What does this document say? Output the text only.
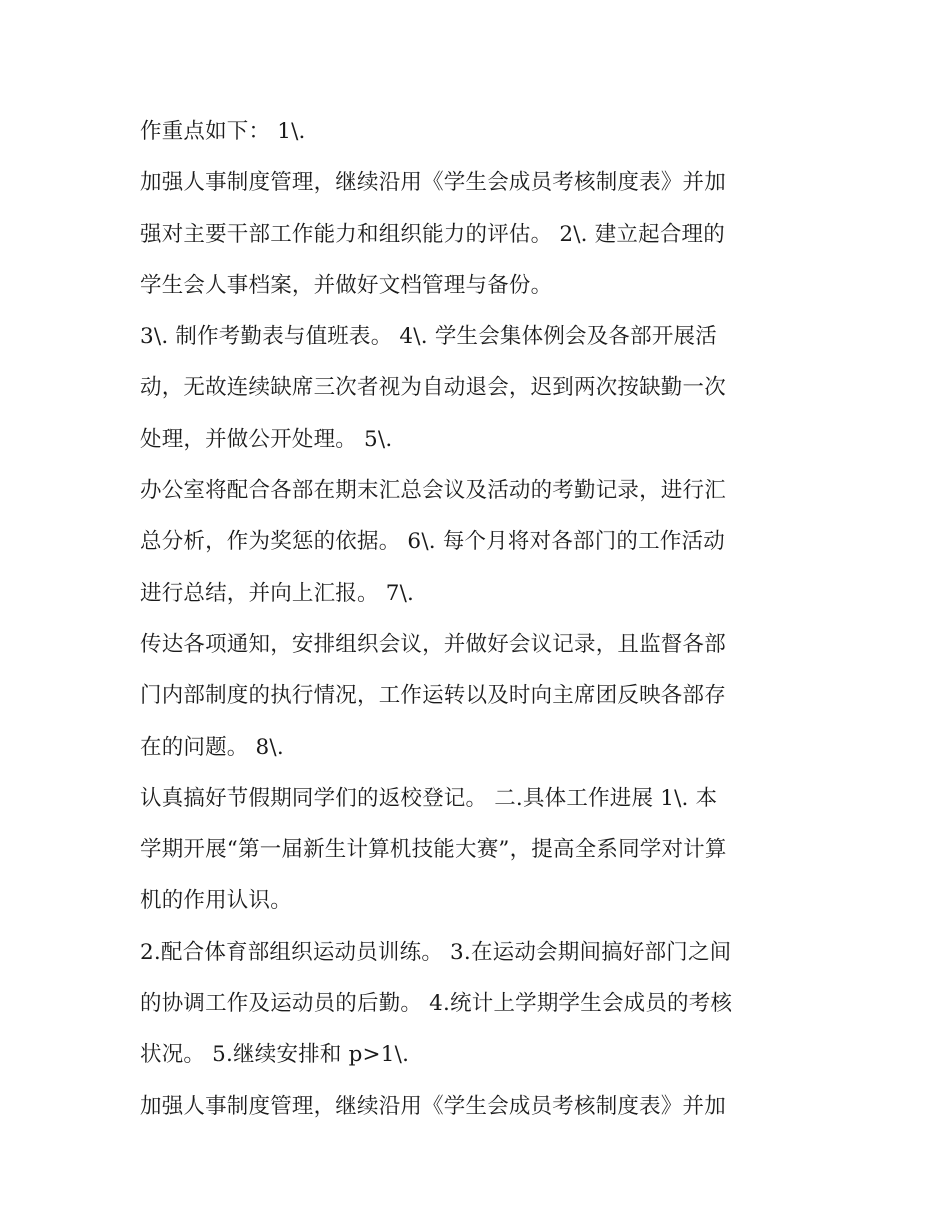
作重点如下： 1\.
加强人事制度管理，继续沿用《学生会成员考核制度表》并加
强对主要干部工作能力和组织能力的评估。 2\. 建立起合理的
学生会人事档案，并做好文档管理与备份。
3\. 制作考勤表与值班表。 4\. 学生会集体例会及各部开展活
动，无故连续缺席三次者视为自动退会，迟到两次按缺勤一次
处理，并做公开处理。 5\.
办公室将配合各部在期末汇总会议及活动的考勤记录，进行汇
总分析，作为奖惩的依据。 6\. 每个月将对各部门的工作活动
进行总结，并向上汇报。 7\.
传达各项通知，安排组织会议，并做好会议记录，且监督各部
门内部制度的执行情况，工作运转以及时向主席团反映各部存
在的问题。 8\.
认真搞好节假期同学们的返校登记。 二.具体工作进展 1\. 本
学期开展“第一届新生计算机技能大赛”，提高全系同学对计算
机的作用认识。
2.配合体育部组织运动员训练。 3.在运动会期间搞好部门之间
的协调工作及运动员的后勤。 4.统计上学期学生会成员的考核
状况。 5.继续安排和 p>1\.
加强人事制度管理，继续沿用《学生会成员考核制度表》并加
